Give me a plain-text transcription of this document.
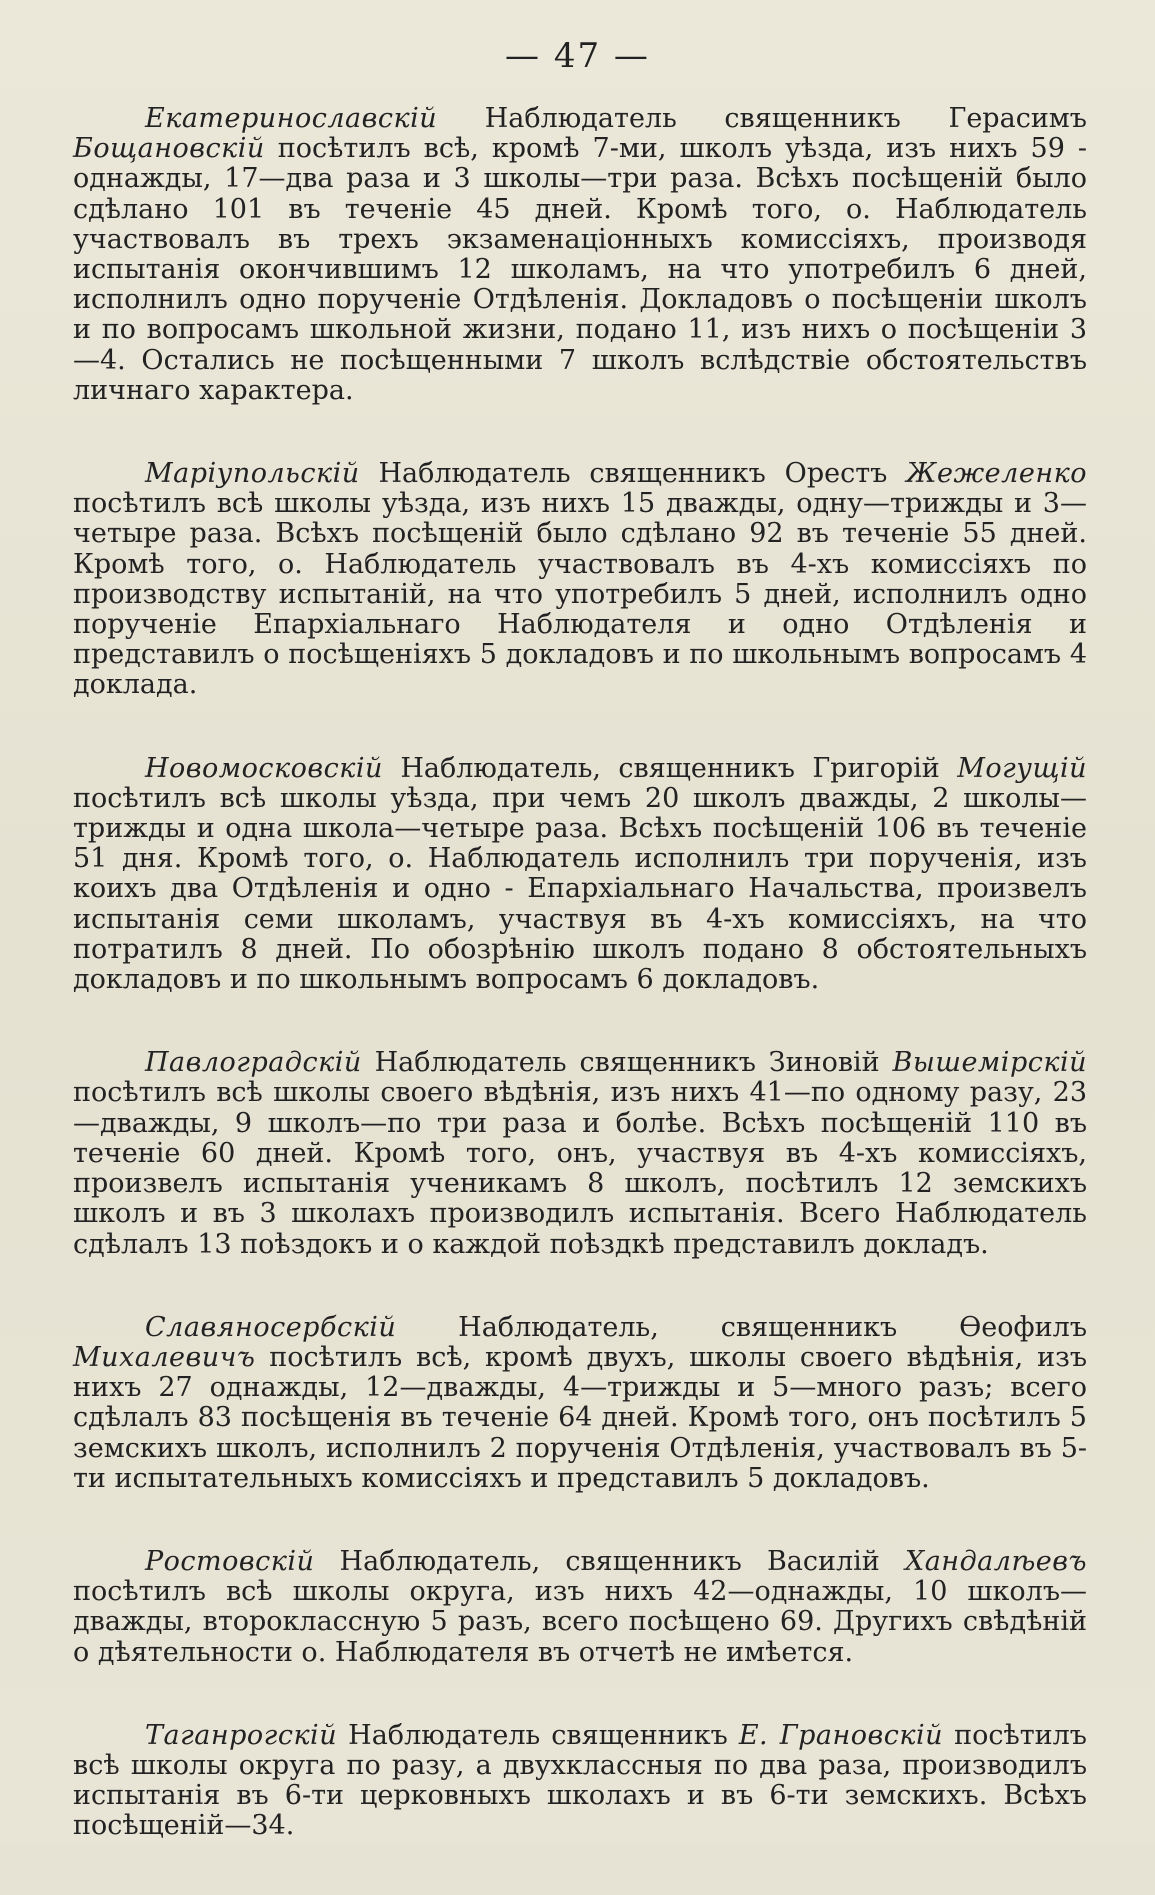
— 47 —

Екатеринославскій Наблюдатель священникъ Герасимъ Бощановскій посѣтилъ всѣ, кромѣ 7-ми, школъ уѣзда, изъ нихъ 59 - однажды, 17—два раза и 3 школы—три раза. Всѣхъ посѣщеній было сдѣлано 101 въ теченіе 45 дней. Кромѣ того, о. Наблюдатель участвовалъ въ трехъ экзаменаціонныхъ комиссіяхъ, производя испытанія окончившимъ 12 школамъ, на что употребилъ 6 дней, исполнилъ одно порученіе Отдѣленія. Докладовъ о посѣщеніи школъ и по вопросамъ школьной жизни, подано 11, изъ нихъ о посѣщеніи 3—4. Остались не посѣщенными 7 школъ вслѣдствіе обстоятельствъ личнаго характера.

Маріупольскій Наблюдатель священникъ Орестъ Жежеленко посѣтилъ всѣ школы уѣзда, изъ нихъ 15 дважды, одну—трижды и 3—четыре раза. Всѣхъ посѣщеній было сдѣлано 92 въ теченіе 55 дней. Кромѣ того, о. Наблюдатель участвовалъ въ 4-хъ комиссіяхъ по производству испытаній, на что употребилъ 5 дней, исполнилъ одно порученіе Епархіальнаго Наблюдателя и одно Отдѣленія и представилъ о посѣщеніяхъ 5 докладовъ и по школьнымъ вопросамъ 4 доклада.

Новомосковскій Наблюдатель, священникъ Григорій Могущій посѣтилъ всѣ школы уѣзда, при чемъ 20 школъ дважды, 2 школы—трижды и одна школа—четыре раза. Всѣхъ посѣщеній 106 въ теченіе 51 дня. Кромѣ того, о. Наблюдатель исполнилъ три порученія, изъ коихъ два Отдѣленія и одно - Епархіальнаго Начальства, произвелъ испытанія семи школамъ, участвуя въ 4-хъ комиссіяхъ, на что потратилъ 8 дней. По обозрѣнію школъ подано 8 обстоятельныхъ докладовъ и по школьнымъ вопросамъ 6 докладовъ.

Павлоградскій Наблюдатель священникъ Зиновій Вышемірскій посѣтилъ всѣ школы своего вѣдѣнія, изъ нихъ 41—по одному разу, 23—дважды, 9 школъ—по три раза и болѣе. Всѣхъ посѣщеній 110 въ теченіе 60 дней. Кромѣ того, онъ, участвуя въ 4-хъ комиссіяхъ, произвелъ испытанія ученикамъ 8 школъ, посѣтилъ 12 земскихъ школъ и въ 3 школахъ производилъ испытанія. Всего Наблюдатель сдѣлалъ 13 поѣздокъ и о каждой поѣздкѣ представилъ докладъ.

Славяносербскій Наблюдатель, священникъ Ѳеофилъ Михалевичъ посѣтилъ всѣ, кромѣ двухъ, школы своего вѣдѣнія, изъ нихъ 27 однажды, 12—дважды, 4—трижды и 5—много разъ; всего сдѣлалъ 83 посѣщенія въ теченіе 64 дней. Кромѣ того, онъ посѣтилъ 5 земскихъ школъ, исполнилъ 2 порученія Отдѣленія, участвовалъ въ 5-ти испытательныхъ комиссіяхъ и представилъ 5 докладовъ.

Ростовскій Наблюдатель, священникъ Василій Хандалѣевъ посѣтилъ всѣ школы округа, изъ нихъ 42—однажды, 10 школъ—дважды, второклассную 5 разъ, всего посѣщено 69. Другихъ свѣдѣній о дѣятельности о. Наблюдателя въ отчетѣ не имѣется.

Таганрогскій Наблюдатель священникъ Е. Грановскій посѣтилъ всѣ школы округа по разу, а двухклассныя по два раза, производилъ испытанія въ 6-ти церковныхъ школахъ и въ 6-ти земскихъ. Всѣхъ посѣщеній—34.
